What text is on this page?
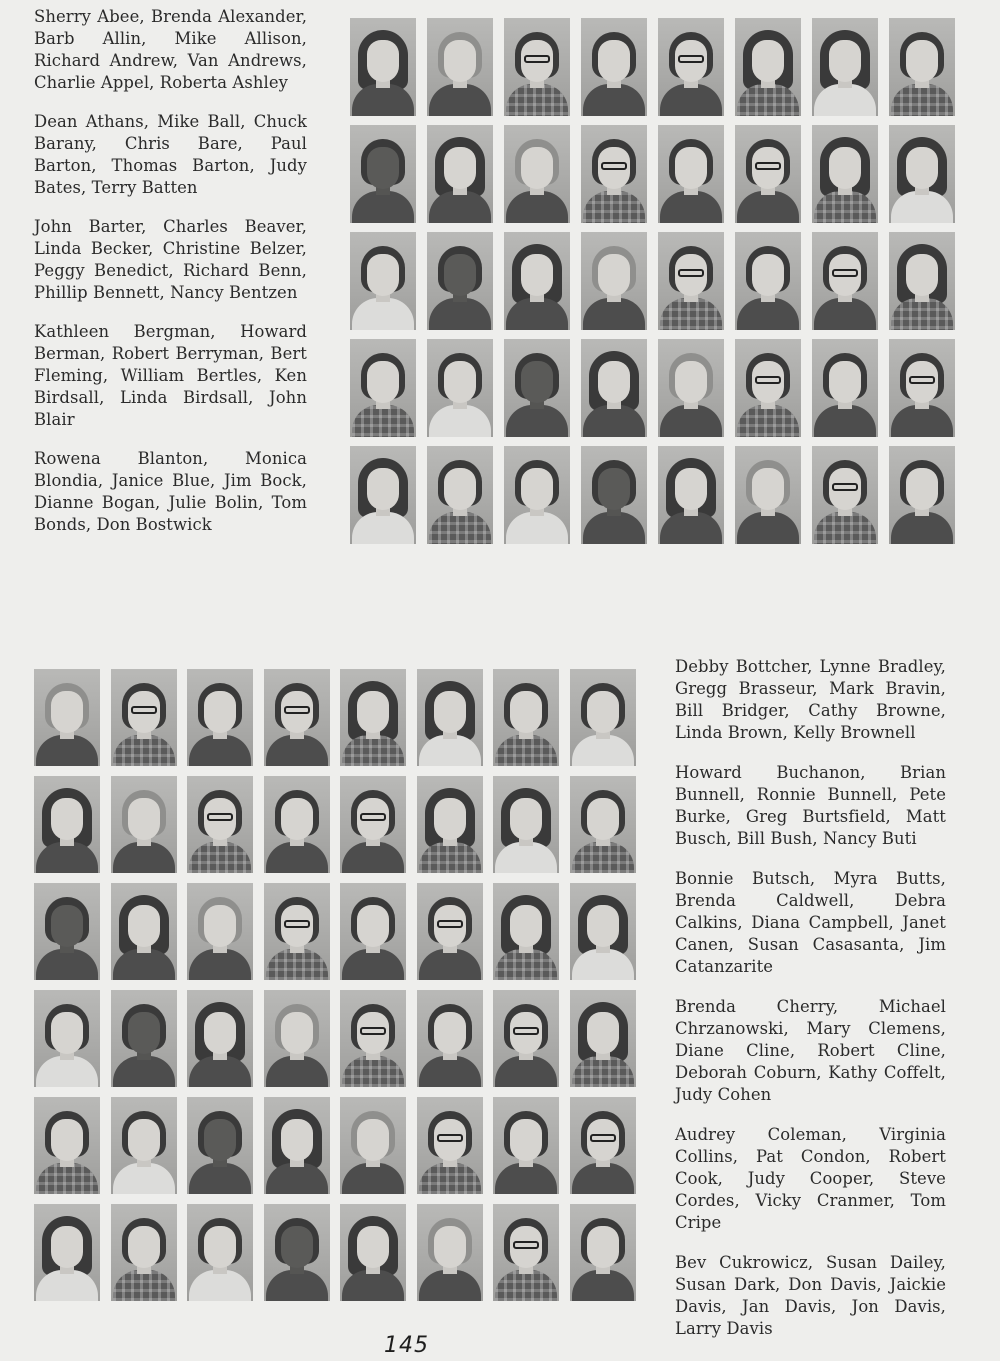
Sherry Abee, Brenda Alexander, Barb Allin, Mike Allison, Richard Andrew, Van Andrews, Charlie Appel, Roberta Ashley

Dean Athans, Mike Ball, Chuck Barany, Chris Bare, Paul Barton, Thomas Barton, Judy Bates, Terry Batten

John Barter, Charles Beaver, Linda Becker, Christine Belzer, Peggy Benedict, Richard Benn, Phillip Bennett, Nancy Bentzen

Kathleen Bergman, Howard Berman, Robert Berryman, Bert Fleming, William Bertles, Ken Birdsall, Linda Birdsall, John Blair

Rowena Blanton, Monica Blondia, Janice Blue, Jim Bock, Dianne Bogan, Julie Bolin, Tom Bonds, Don Bostwick

Debby Bottcher, Lynne Bradley, Gregg Brasseur, Mark Bravin, Bill Bridger, Cathy Browne, Linda Brown, Kelly Brownell

Howard Buchanon, Brian Bunnell, Ronnie Bunnell, Pete Burke, Greg Burtsfield, Matt Busch, Bill Bush, Nancy Buti

Bonnie Butsch, Myra Butts, Brenda Caldwell, Debra Calkins, Diana Campbell, Janet Canen, Susan Casasanta, Jim Catanzarite

Brenda Cherry, Michael Chrzanowski, Mary Clemens, Diane Cline, Robert Cline, Deborah Coburn, Kathy Coffelt, Judy Cohen

Audrey Coleman, Virginia Collins, Pat Condon, Robert Cook, Judy Cooper, Steve Cordes, Vicky Cranmer, Tom Cripe

Bev Cukrowicz, Susan Dailey, Susan Dark, Don Davis, Jaickie Davis, Jan Davis, Jon Davis, Larry Davis

145
